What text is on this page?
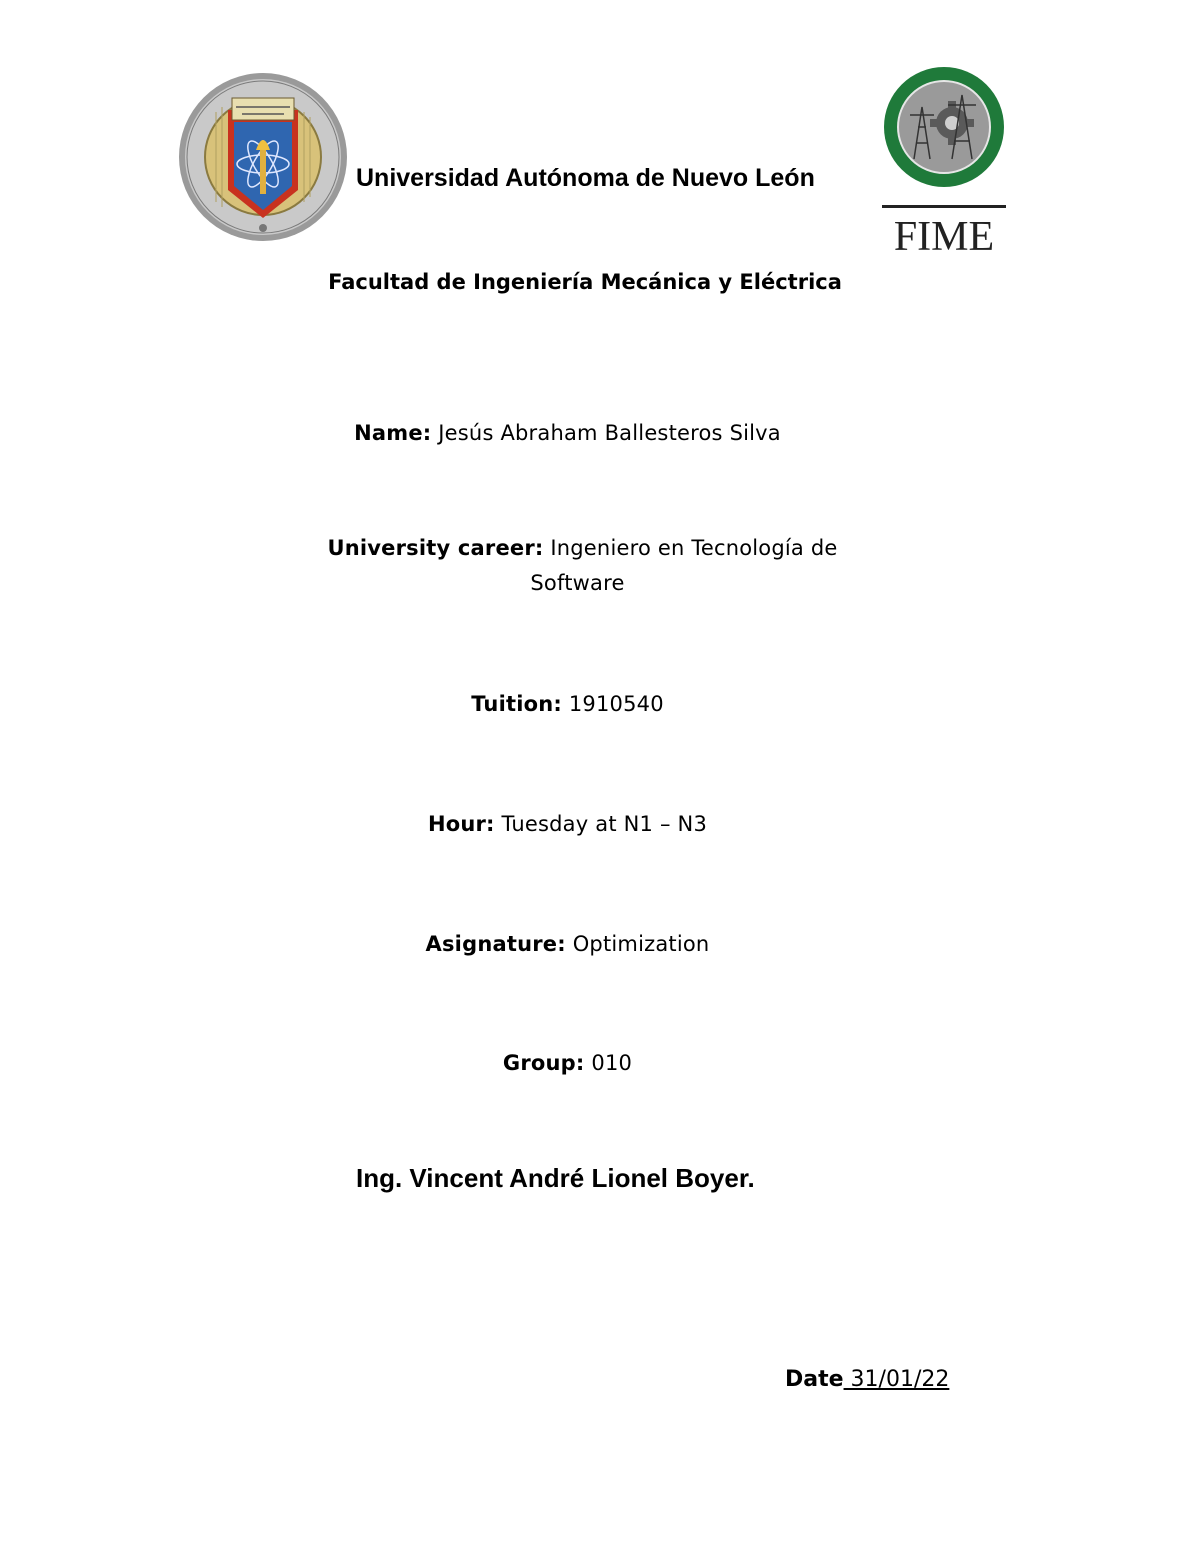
Universidad Autónoma de Nuevo León
FIME
Facultad de Ingeniería Mecánica y Eléctrica
Name: Jesús Abraham Ballesteros Silva
University career: Ingeniero en Tecnología de
Software
Tuition: 1910540
Hour: Tuesday at N1 – N3
Asignature: Optimization
Group: 010
Ing. Vincent André Lionel Boyer.
Date 31/01/22
